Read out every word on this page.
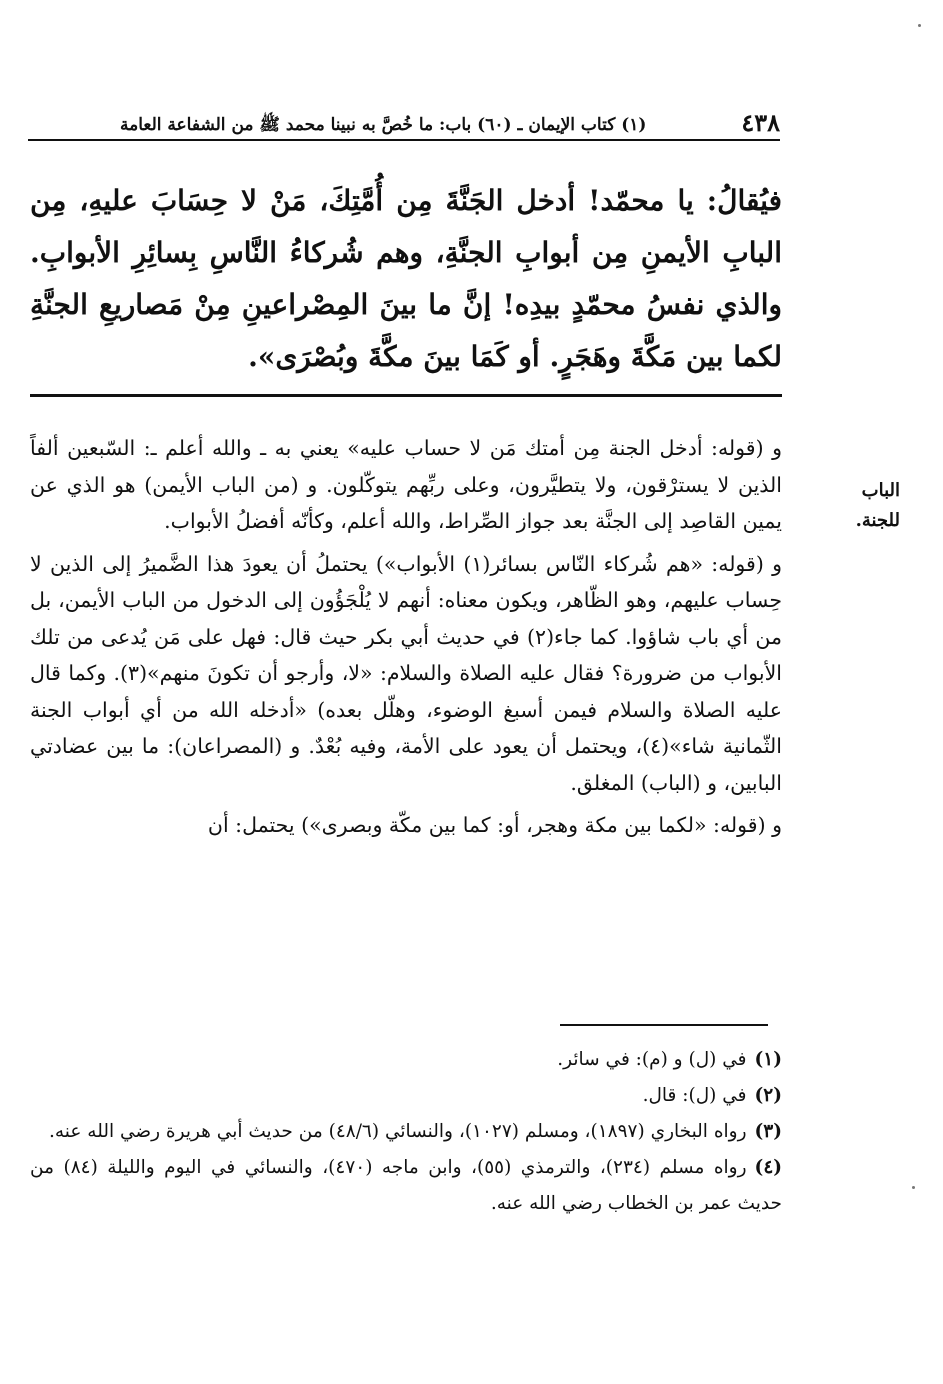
٤٣٨
(١) كتاب الإيمان ـ (٦٠) باب: ما خُصَّ به نبينا محمد ﷺ من الشفاعة العامة
فيُقالُ: يا محمّد! أدخل الجَنَّةَ مِن أُمَّتِكَ، مَنْ لا حِسَابَ عليهِ، مِن البابِ الأيمنِ مِن أبوابِ الجنَّةِ، وهم شُركاءُ النَّاسِ بِسائِرِ الأبوابِ. والذي نفسُ محمّدٍ بيدِه! إنَّ ما بينَ المِصْراعينِ مِنْ مَصاريعِ الجنَّةِ لكما بين مَكَّةَ وهَجَرٍ. أو كَمَا بينَ مكَّةَ وبُصْرَى».
الباب للجنة.

و (قوله: أدخل الجنة مِن أمتك مَن لا حساب عليه» يعني به ـ والله أعلم ـ: السّبعين ألفاً الذين لا يسترْقون، ولا يتطيَّرون، وعلى ربِّهم يتوكّلون. و (من الباب الأيمن) هو الذي عن يمين القاصِد إلى الجنَّة بعد جواز الصِّراط، والله أعلم، وكأنّه أفضلُ الأبواب.

و (قوله: «هم شُركاء النّاس بسائر(١) الأبواب») يحتملُ أن يعودَ هذا الضَّميرُ إلى الذين لا حِساب عليهم، وهو الظّاهر، ويكون معناه: أنهم لا يُلْجَؤُون إلى الدخول من الباب الأيمن، بل من أي باب شاؤوا. كما جاء(٢) في حديث أبي بكر حيث قال: فهل على مَن يُدعى من تلك الأبواب من ضرورة؟ فقال عليه الصلاة والسلام: «لا، وأرجو أن تكونَ منهم»(٣). وكما قال عليه الصلاة والسلام فيمن أسبغ الوضوء، وهلّل بعده) «أدخله الله من أي أبواب الجنة الثّمانية شاء»(٤)، ويحتمل أن يعود على الأمة، وفيه بُعْدٌ. و (المصراعان): ما بين عضادتي البابين، و (الباب) المغلق.

و (قوله: «لكما بين مكة وهجر، أو: كما بين مكّة وبصرى») يحتمل: أن

(١)في (ل) و (م): في سائر.
(٢)في (ل): قال.
(٣)رواه البخاري (١٨٩٧)، ومسلم (١٠٢٧)، والنسائي (٤٨/٦) من حديث أبي هريرة رضي الله عنه.
(٤)رواه مسلم (٢٣٤)، والترمذي (٥٥)، وابن ماجه (٤٧٠)، والنسائي في اليوم والليلة (٨٤) من حديث عمر بن الخطاب رضي الله عنه.
